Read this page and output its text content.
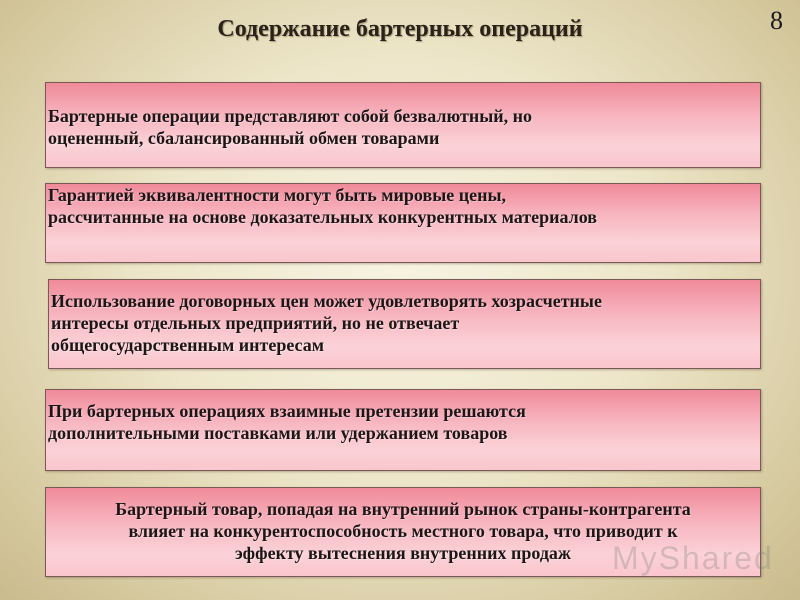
Содержание бартерных операций	8
Бартерные операции представляют собой безвалютный, но
оцененный, сбалансированный обмен товарами
Гарантией эквивалентности могут быть мировые цены,
рассчитанные на основе доказательных конкурентных материалов
Использование договорных цен может удовлетворять хозрасчетные
интересы отдельных предприятий, но не отвечает
общегосударственным интересам
При бартерных операциях взаимные претензии решаются
дополнительными поставками или удержанием товаров
Бартерный товар, попадая на внутренний рынок страны-контрагента
влияет на конкурентоспособность местного товара, что приводит к
эффекту вытеснения внутренних продаж	MyShared
